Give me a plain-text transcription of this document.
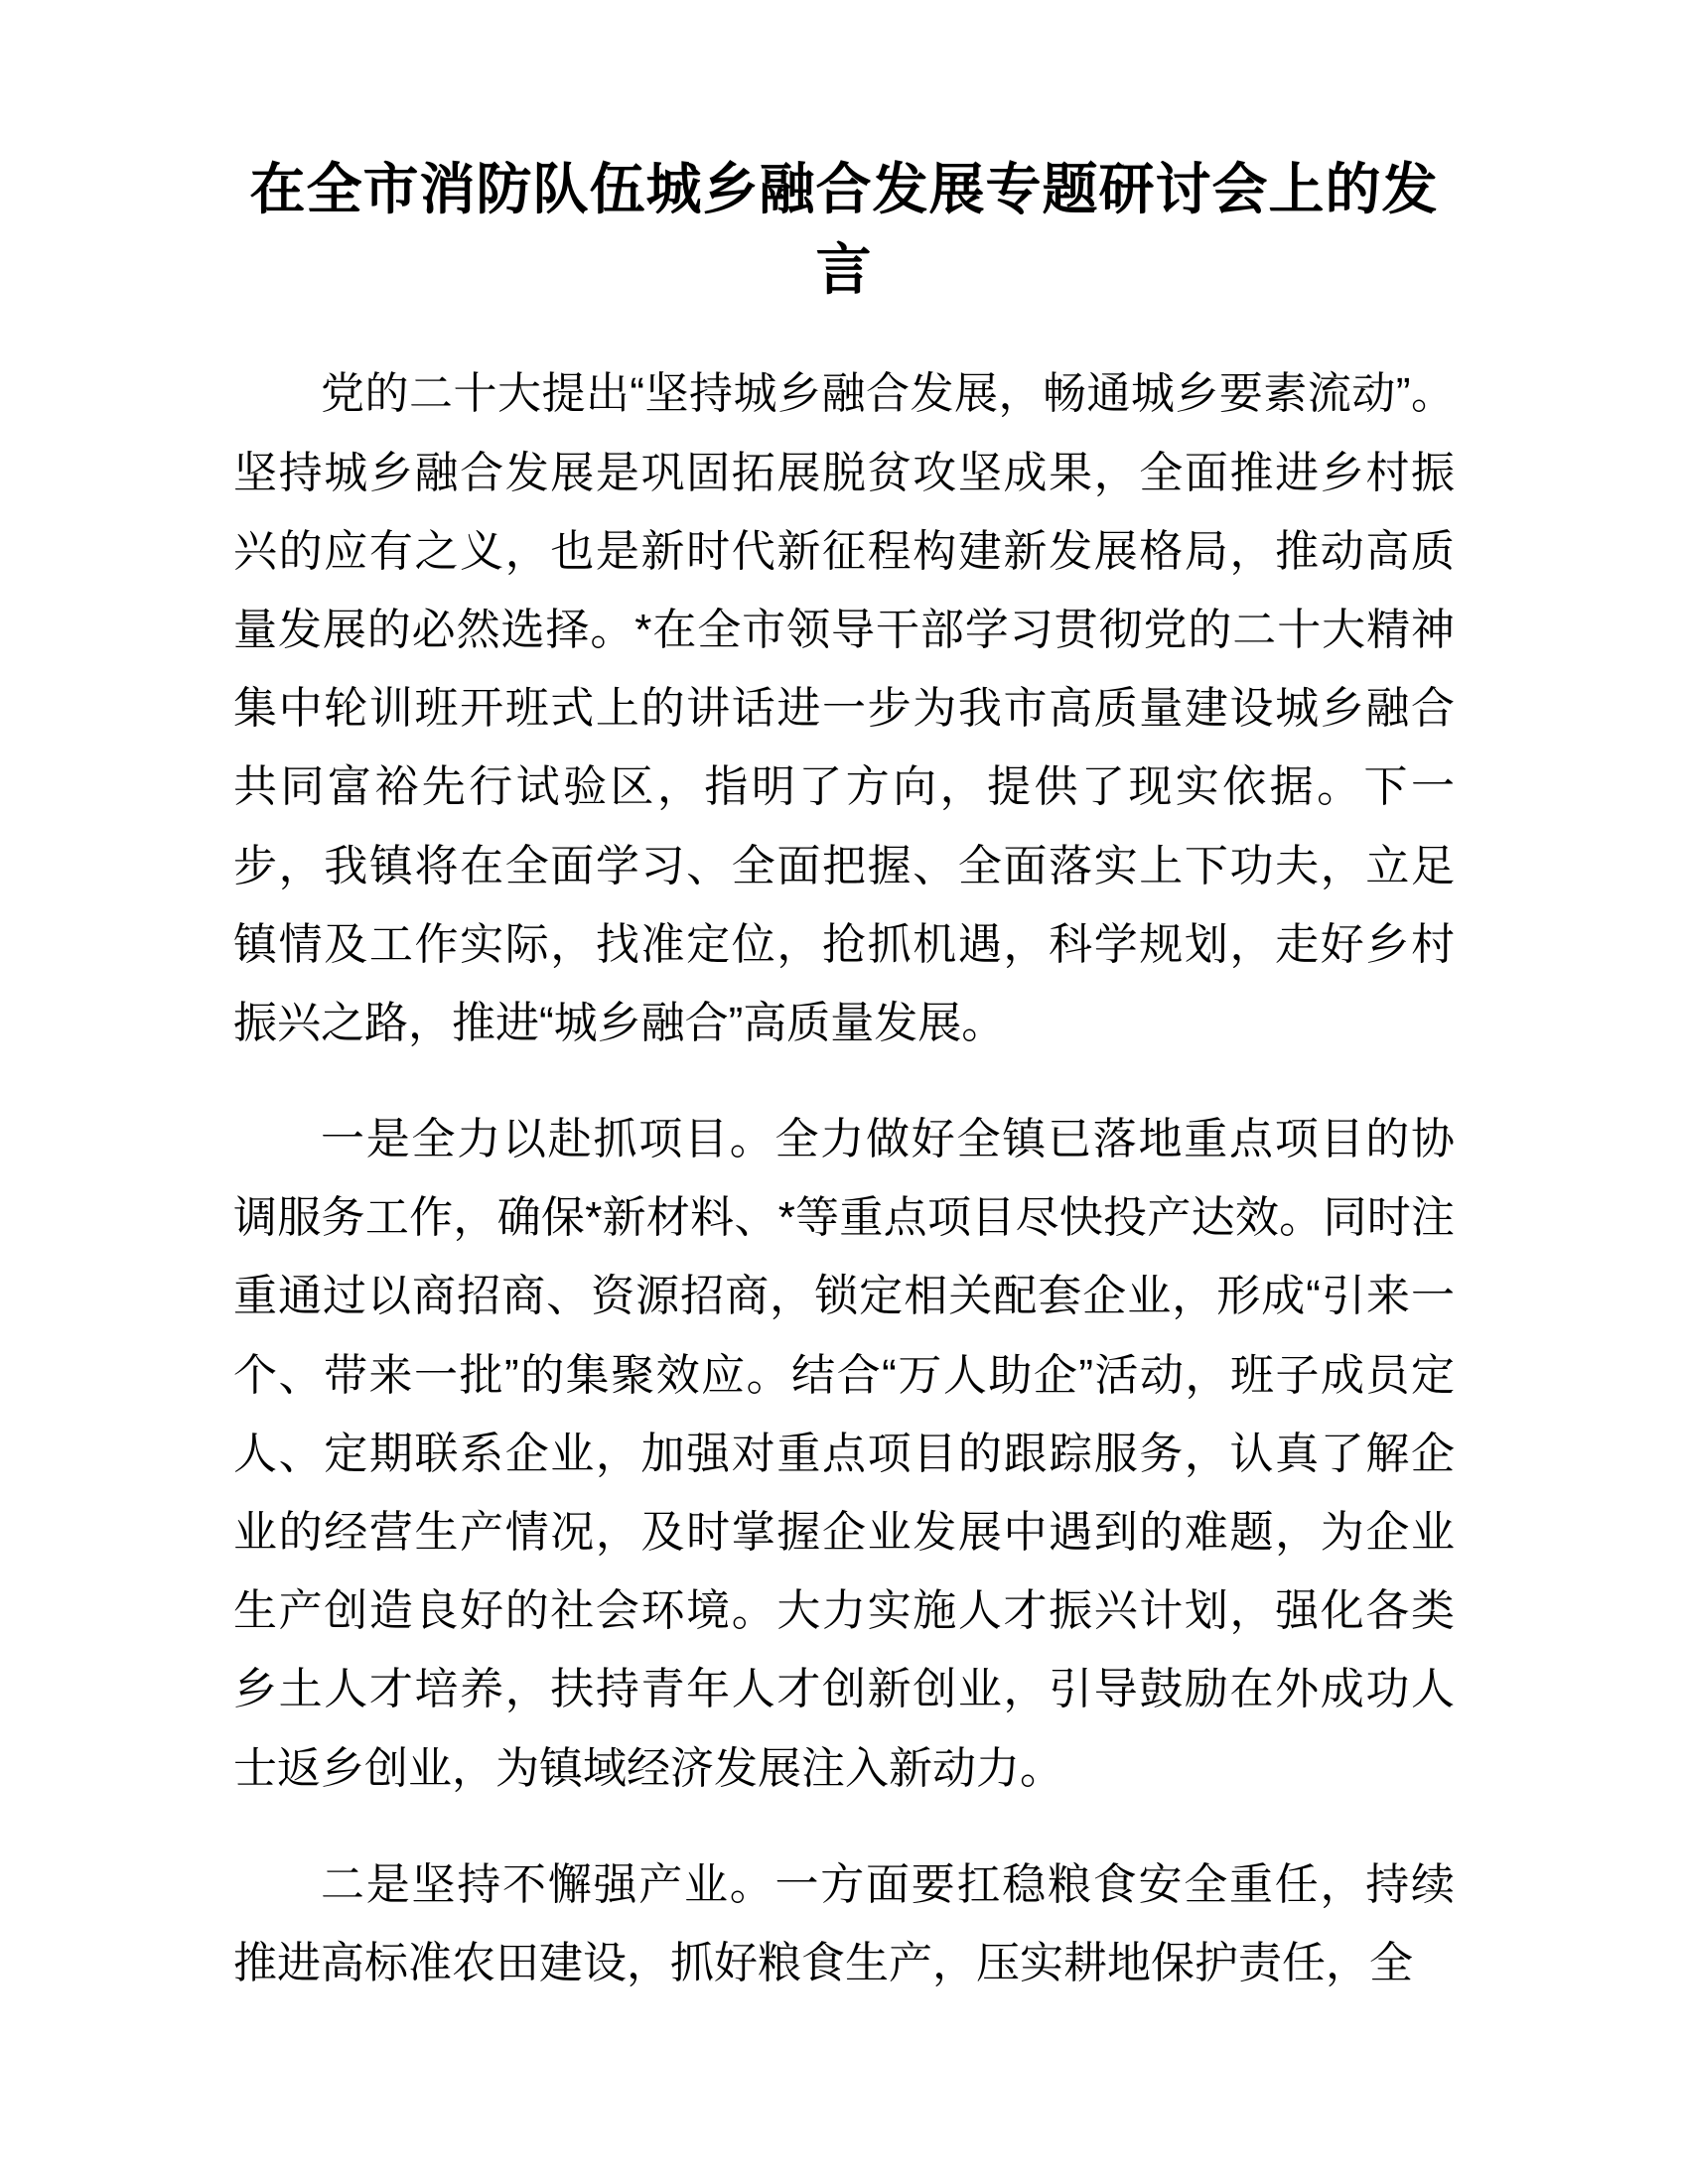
在全市消防队伍城乡融合发展专题研讨会上的发言

党的二十大提出“坚持城乡融合发展，畅通城乡要素流动”。坚持城乡融合发展是巩固拓展脱贫攻坚成果，全面推进乡村振兴的应有之义，也是新时代新征程构建新发展格局，推动高质量发展的必然选择。*在全市领导干部学习贯彻党的二十大精神集中轮训班开班式上的讲话进一步为我市高质量建设城乡融合共同富裕先行试验区，指明了方向，提供了现实依据。下一步，我镇将在全面学习、全面把握、全面落实上下功夫，立足镇情及工作实际，找准定位，抢抓机遇，科学规划，走好乡村振兴之路，推进“城乡融合”高质量发展。

一是全力以赴抓项目。全力做好全镇已落地重点项目的协调服务工作，确保*新材料、*等重点项目尽快投产达效。同时注重通过以商招商、资源招商，锁定相关配套企业，形成“引来一个、带来一批”的集聚效应。结合“万人助企”活动，班子成员定人、定期联系企业，加强对重点项目的跟踪服务，认真了解企业的经营生产情况，及时掌握企业发展中遇到的难题，为企业生产创造良好的社会环境。大力实施人才振兴计划，强化各类乡土人才培养，扶持青年人才创新创业，引导鼓励在外成功人士返乡创业，为镇域经济发展注入新动力。

二是坚持不懈强产业。一方面要扛稳粮食安全重任，持续推进高标准农田建设，抓好粮食生产，压实耕地保护责任，全
